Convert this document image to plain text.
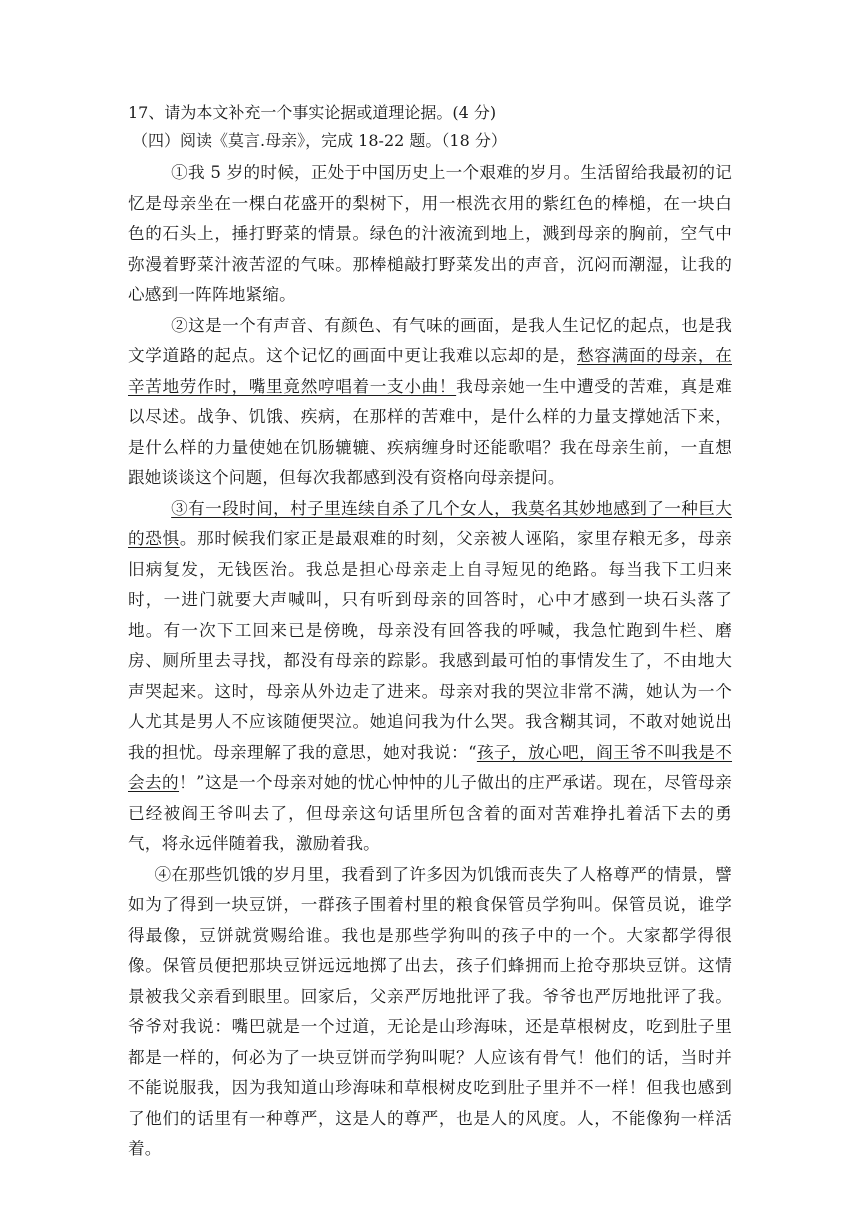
17、请为本文补充一个事实论据或道理论据。(4 分)

（四）阅读《莫言.母亲》，完成 18-22 题。（18 分）

①我 5 岁的时候，正处于中国历史上一个艰难的岁月。生活留给我最初的记忆是母亲坐在一棵白花盛开的梨树下，用一根洗衣用的紫红色的棒槌，在一块白色的石头上，捶打野菜的情景。绿色的汁液流到地上，溅到母亲的胸前，空气中弥漫着野菜汁液苦涩的气味。那棒槌敲打野菜发出的声音，沉闷而潮湿，让我的心感到一阵阵地紧缩。

②这是一个有声音、有颜色、有气味的画面，是我人生记忆的起点，也是我文学道路的起点。这个记忆的画面中更让我难以忘却的是，愁容满面的母亲，在辛苦地劳作时，嘴里竟然哼唱着一支小曲！我母亲她一生中遭受的苦难，真是难以尽述。战争、饥饿、疾病，在那样的苦难中，是什么样的力量支撑她活下来，是什么样的力量使她在饥肠辘辘、疾病缠身时还能歌唱？我在母亲生前，一直想跟她谈谈这个问题，但每次我都感到没有资格向母亲提问。

③有一段时间，村子里连续自杀了几个女人，我莫名其妙地感到了一种巨大的恐惧。那时候我们家正是最艰难的时刻，父亲被人诬陷，家里存粮无多，母亲旧病复发，无钱医治。我总是担心母亲走上自寻短见的绝路。每当我下工归来时，一进门就要大声喊叫，只有听到母亲的回答时，心中才感到一块石头落了地。有一次下工回来已是傍晚，母亲没有回答我的呼喊，我急忙跑到牛栏、磨房、厕所里去寻找，都没有母亲的踪影。我感到最可怕的事情发生了，不由地大声哭起来。这时，母亲从外边走了进来。母亲对我的哭泣非常不满，她认为一个人尤其是男人不应该随便哭泣。她追问我为什么哭。我含糊其词，不敢对她说出我的担忧。母亲理解了我的意思，她对我说：“孩子，放心吧，阎王爷不叫我是不会去的！”这是一个母亲对她的忧心忡忡的儿子做出的庄严承诺。现在，尽管母亲已经被阎王爷叫去了，但母亲这句话里所包含着的面对苦难挣扎着活下去的勇气，将永远伴随着我，激励着我。

④在那些饥饿的岁月里，我看到了许多因为饥饿而丧失了人格尊严的情景，譬如为了得到一块豆饼，一群孩子围着村里的粮食保管员学狗叫。保管员说，谁学得最像，豆饼就赏赐给谁。我也是那些学狗叫的孩子中的一个。大家都学得很像。保管员便把那块豆饼远远地掷了出去，孩子们蜂拥而上抢夺那块豆饼。这情景被我父亲看到眼里。回家后，父亲严厉地批评了我。爷爷也严厉地批评了我。爷爷对我说：嘴巴就是一个过道，无论是山珍海味，还是草根树皮，吃到肚子里都是一样的，何必为了一块豆饼而学狗叫呢？人应该有骨气！他们的话，当时并不能说服我，因为我知道山珍海味和草根树皮吃到肚子里并不一样！但我也感到了他们的话里有一种尊严，这是人的尊严，也是人的风度。人，不能像狗一样活着。
